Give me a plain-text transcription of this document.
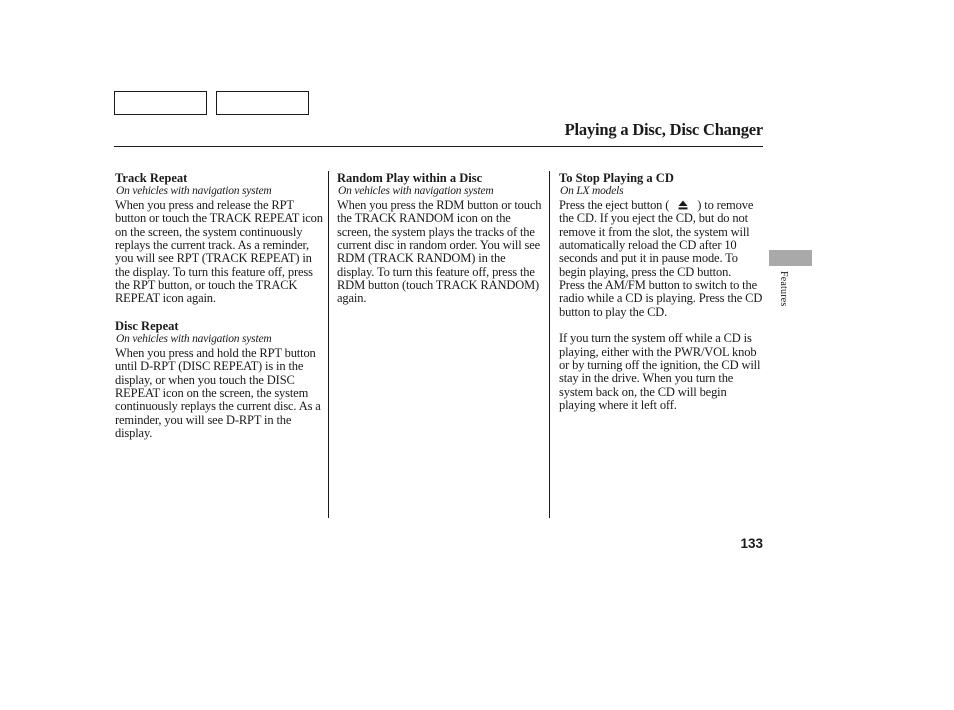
Playing a Disc, Disc Changer

Track Repeat

On vehicles with navigation system

When you press and release the RPT button or touch the TRACK REPEAT icon on the screen, the system continuously replays the current track. As a reminder, you will see RPT (TRACK REPEAT) in the display. To turn this feature off, press the RPT button, or touch the TRACK REPEAT icon again.

Disc Repeat

On vehicles with navigation system

When you press and hold the RPT button until D-RPT (DISC REPEAT) is in the display, or when you touch the DISC REPEAT icon on the screen, the system continuously replays the current disc. As a reminder, you will see D-RPT in the display.

Random Play within a Disc

On vehicles with navigation system

When you press the RDM button or touch the TRACK RANDOM icon on the screen, the system plays the tracks of the current disc in random order. You will see RDM (TRACK RANDOM) in the display. To turn this feature off, press the RDM button (touch TRACK RANDOM) again.

To Stop Playing a CD

On LX models

Press the eject button ( ) to remove the CD. If you eject the CD, but do not remove it from the slot, the system will automatically reload the CD after 10 seconds and put it in pause mode. To begin playing, press the CD button.

Press the AM/FM button to switch to the radio while a CD is playing. Press the CD button to play the CD.

If you turn the system off while a CD is playing, either with the PWR/VOL knob or by turning off the ignition, the CD will stay in the drive. When you turn the system back on, the CD will begin playing where it left off.

Features
133
